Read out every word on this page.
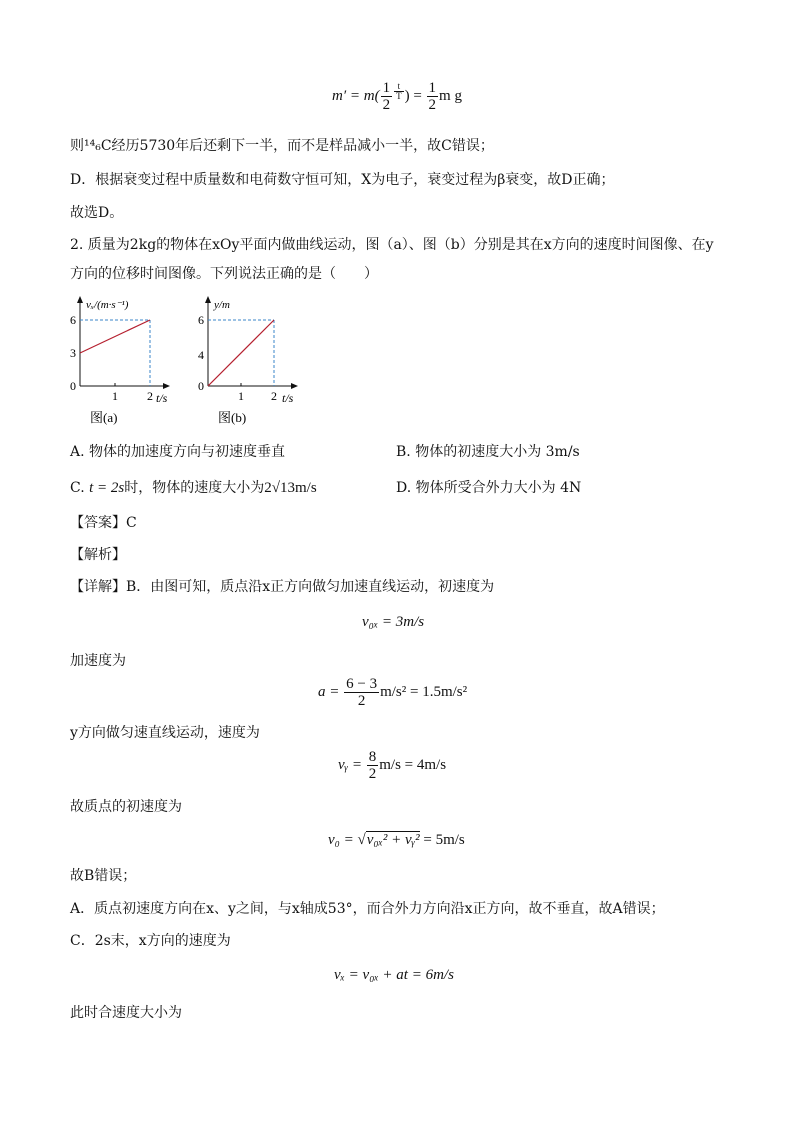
$m' = m( \frac{1}{2} ^{\frac{t}{T}}$ ) = $\frac{1}{2}$ m g
则¹⁴₆C经历5730年后还剩下一半，而不是样品减小一半，故C错误；
D．根据衰变过程中质量数和电荷数守恒可知，X为电子，衰变过程为β衰变，故D正确；
故选D。
2. 质量为2kg的物体在xOy平面内做曲线运动，图（a）、图（b）分别是其在x方向的速度时间图像、在y
方向的位移时间图像。下列说法正确的是（　　）
vₓ/(m·s⁻¹)
6
3
0
1 2 t/s
图(a)
y/m
6
4
0
1 2 t/s
图(b)
A. 物体的加速度方向与初速度垂直	B. 物体的初速度大小为 3m/s
C. t = 2s时，物体的速度大小为2√13m/s	D. 物体所受合外力大小为 4N
【答案】C
【解析】
【详解】B．由图可知，质点沿x正方向做匀加速直线运动，初速度为
v₀ₓ = 3m/s
加速度为
$a = \frac{6 - 3}{2} m/s^2 = 1.5m/s^2$
y方向做匀速直线运动，速度为
vᵧ = $\frac{8}{2} m/s = 4m/s$
故质点的初速度为
v₀ = √v₀ₓ² + vᵧ² = 5m/s
故B错误；
A．质点初速度方向在x、y之间，与x轴成53°，而合外力方向沿x正方向，故不垂直，故A错误；
C．2s末，x方向的速度为
vₓ = v₀ₓ + at = 6m/s
此时合速度大小为
